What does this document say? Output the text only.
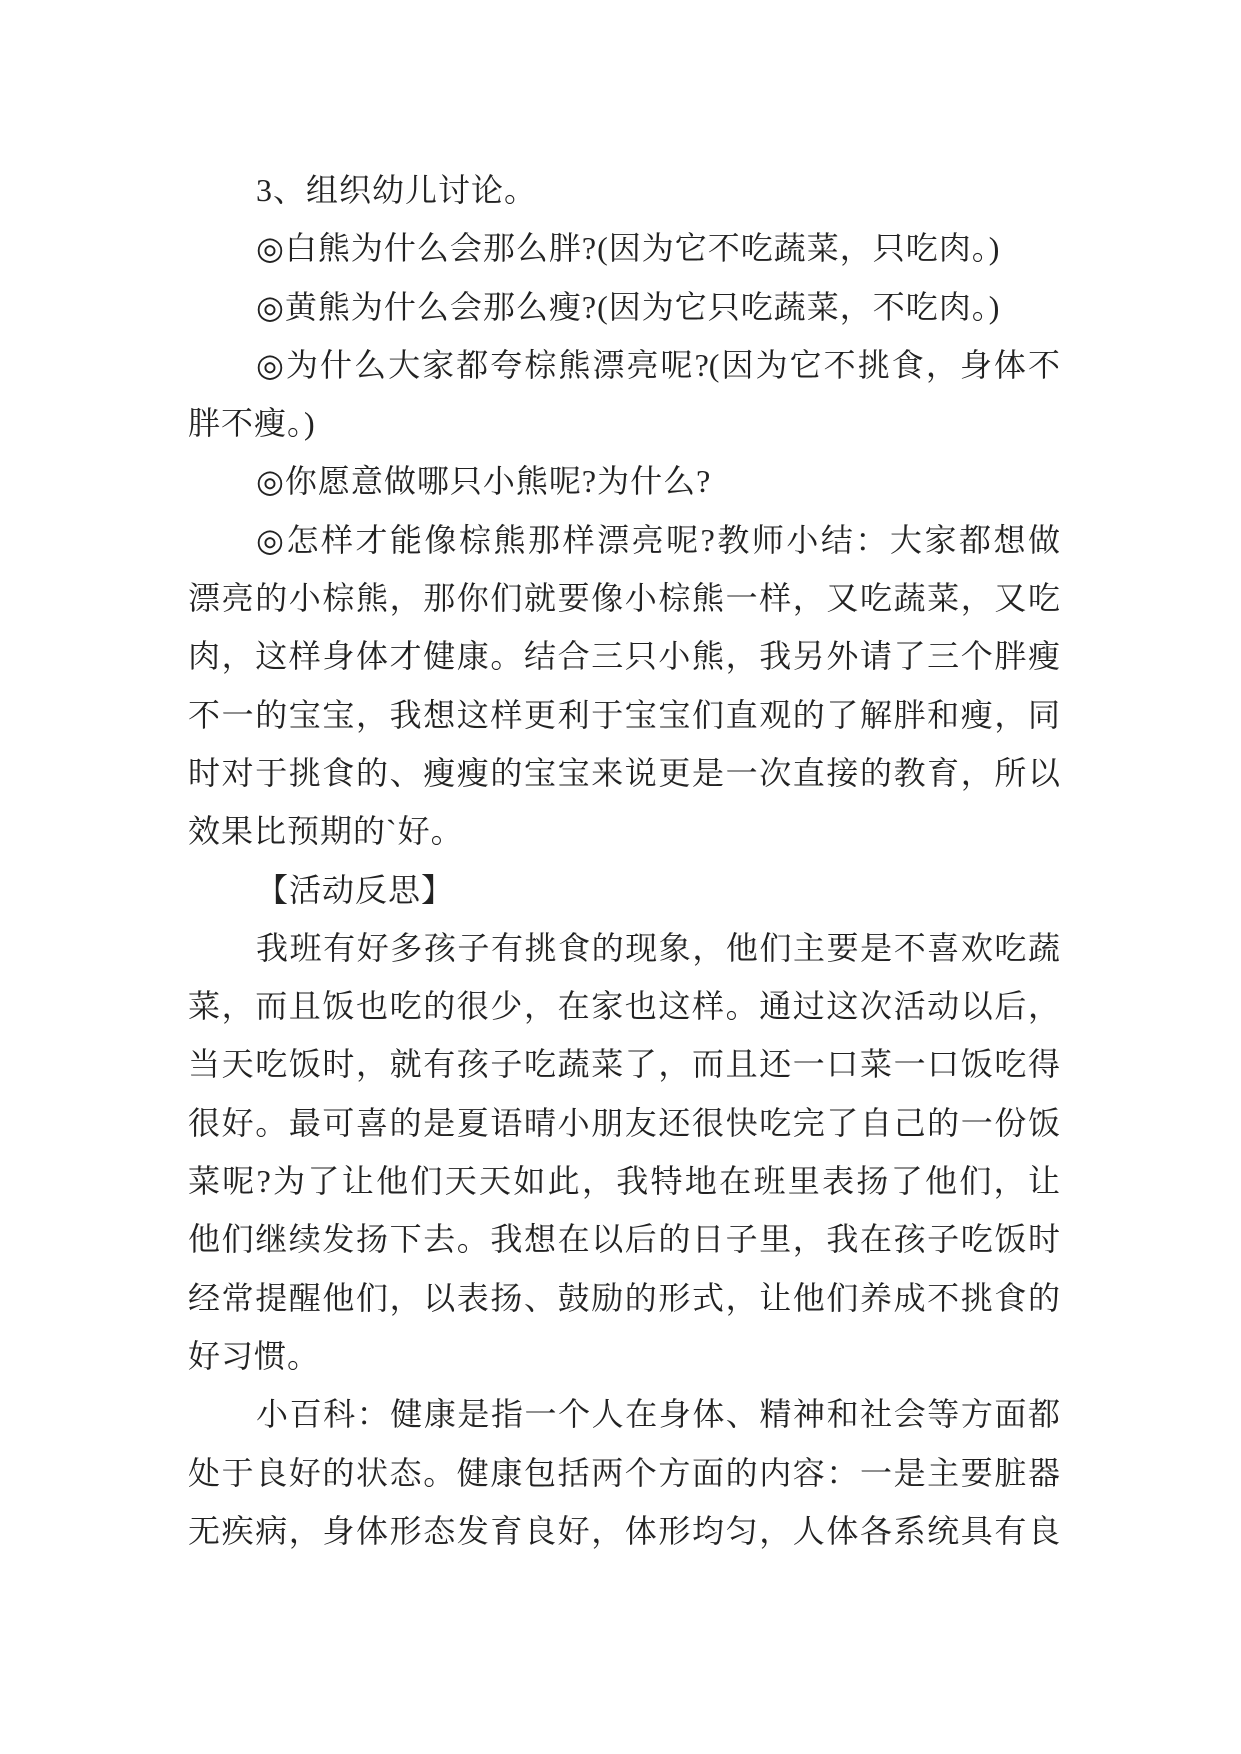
3、组织幼儿讨论。
◎白熊为什么会那么胖?(因为它不吃蔬菜，只吃肉。)
◎黄熊为什么会那么瘦?(因为它只吃蔬菜，不吃肉。)
◎为什么大家都夸棕熊漂亮呢?(因为它不挑食，身体不
胖不瘦。)
◎你愿意做哪只小熊呢?为什么?
◎怎样才能像棕熊那样漂亮呢?教师小结：大家都想做
漂亮的小棕熊，那你们就要像小棕熊一样，又吃蔬菜，又吃
肉，这样身体才健康。结合三只小熊，我另外请了三个胖瘦
不一的宝宝，我想这样更利于宝宝们直观的了解胖和瘦，同
时对于挑食的、瘦瘦的宝宝来说更是一次直接的教育，所以
效果比预期的`好。
【活动反思】
我班有好多孩子有挑食的现象，他们主要是不喜欢吃蔬
菜，而且饭也吃的很少，在家也这样。通过这次活动以后，
当天吃饭时，就有孩子吃蔬菜了，而且还一口菜一口饭吃得
很好。最可喜的是夏语晴小朋友还很快吃完了自己的一份饭
菜呢?为了让他们天天如此，我特地在班里表扬了他们，让
他们继续发扬下去。我想在以后的日子里，我在孩子吃饭时
经常提醒他们，以表扬、鼓励的形式，让他们养成不挑食的
好习惯。
小百科：健康是指一个人在身体、精神和社会等方面都
处于良好的状态。健康包括两个方面的内容：一是主要脏器
无疾病，身体形态发育良好，体形均匀，人体各系统具有良
